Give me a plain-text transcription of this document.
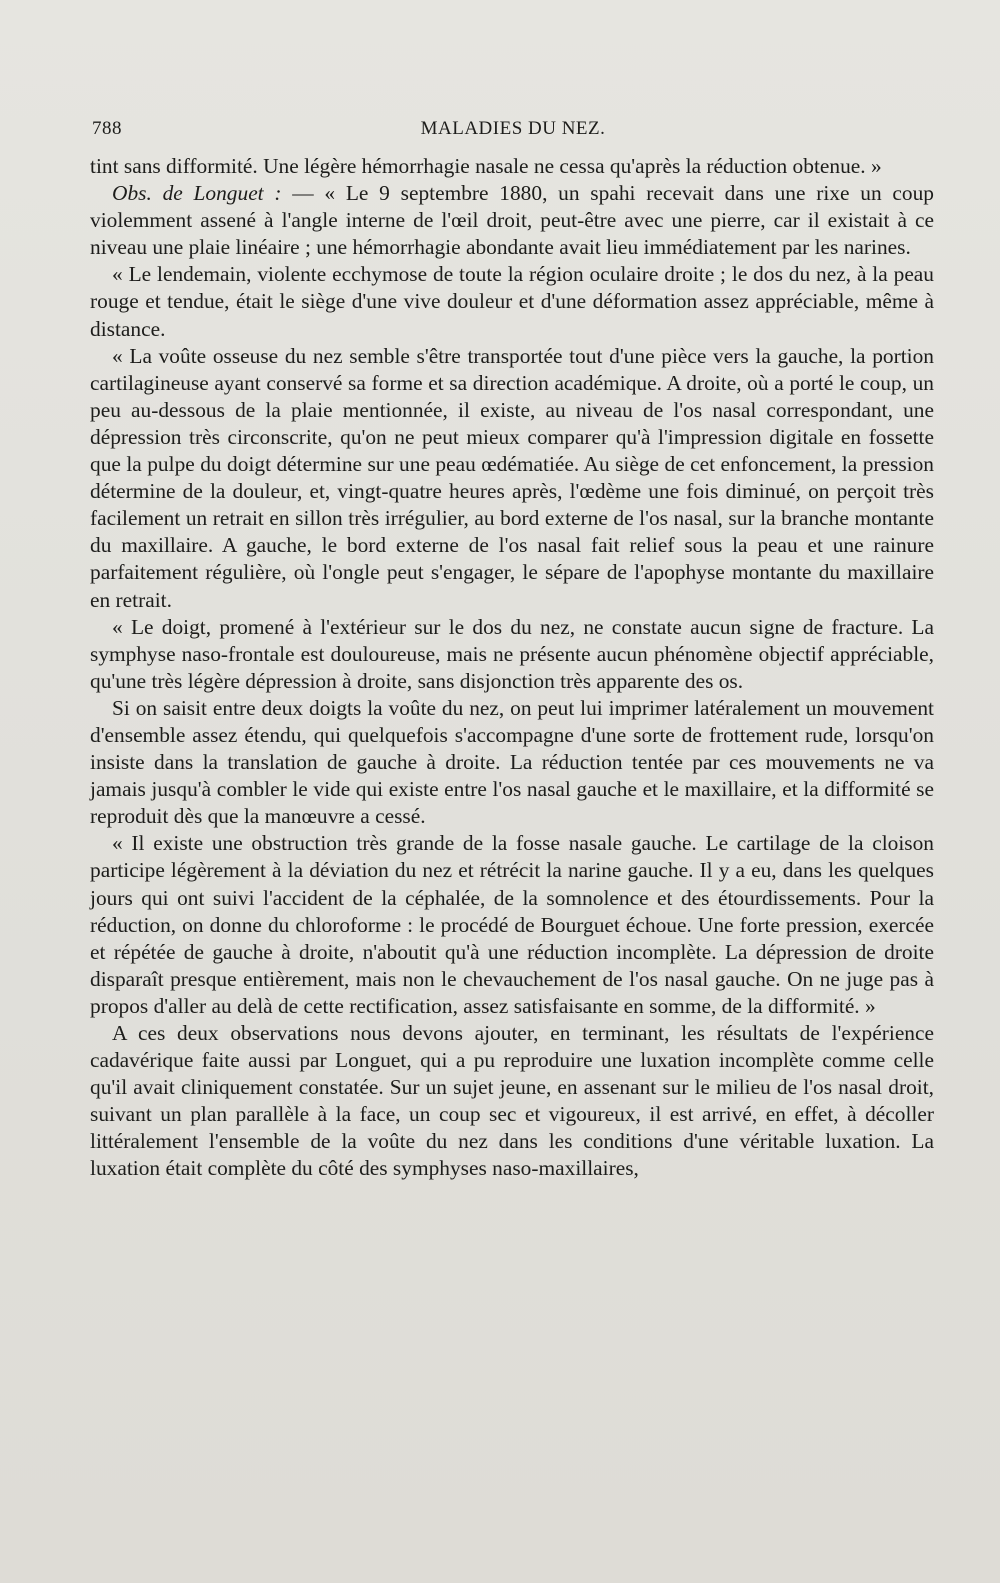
788	MALADIES DU NEZ.

tint sans difformité. Une légère hémorrhagie nasale ne cessa qu'après la réduction obtenue. »

Obs. de Longuet : — « Le 9 septembre 1880, un spahi recevait dans une rixe un coup violemment assené à l'angle interne de l'œil droit, peut-être avec une pierre, car il existait à ce niveau une plaie linéaire ; une hémorrhagie abondante avait lieu immédiatement par les narines.

« Le lendemain, violente ecchymose de toute la région oculaire droite ; le dos du nez, à la peau rouge et tendue, était le siège d'une vive douleur et d'une déformation assez appréciable, même à distance.

« La voûte osseuse du nez semble s'être transportée tout d'une pièce vers la gauche, la portion cartilagineuse ayant conservé sa forme et sa direction académique. A droite, où a porté le coup, un peu au-dessous de la plaie mentionnée, il existe, au niveau de l'os nasal correspondant, une dépression très circonscrite, qu'on ne peut mieux comparer qu'à l'impression digitale en fossette que la pulpe du doigt détermine sur une peau œdématiée. Au siège de cet enfoncement, la pression détermine de la douleur, et, vingt-quatre heures après, l'œdème une fois diminué, on perçoit très facilement un retrait en sillon très irrégulier, au bord externe de l'os nasal, sur la branche montante du maxillaire. A gauche, le bord externe de l'os nasal fait relief sous la peau et une rainure parfaitement régulière, où l'ongle peut s'engager, le sépare de l'apophyse montante du maxillaire en retrait.

« Le doigt, promené à l'extérieur sur le dos du nez, ne constate aucun signe de fracture. La symphyse naso-frontale est douloureuse, mais ne présente aucun phénomène objectif appréciable, qu'une très légère dépression à droite, sans disjonction très apparente des os.

Si on saisit entre deux doigts la voûte du nez, on peut lui imprimer latéralement un mouvement d'ensemble assez étendu, qui quelquefois s'accompagne d'une sorte de frottement rude, lorsqu'on insiste dans la translation de gauche à droite. La réduction tentée par ces mouvements ne va jamais jusqu'à combler le vide qui existe entre l'os nasal gauche et le maxillaire, et la difformité se reproduit dès que la manœuvre a cessé.

« Il existe une obstruction très grande de la fosse nasale gauche. Le cartilage de la cloison participe légèrement à la déviation du nez et rétrécit la narine gauche. Il y a eu, dans les quelques jours qui ont suivi l'accident de la céphalée, de la somnolence et des étourdissements. Pour la réduction, on donne du chloroforme : le procédé de Bourguet échoue. Une forte pression, exercée et répétée de gauche à droite, n'aboutit qu'à une réduction incomplète. La dépression de droite disparaît presque entièrement, mais non le chevauchement de l'os nasal gauche. On ne juge pas à propos d'aller au delà de cette rectification, assez satisfaisante en somme, de la difformité. »

A ces deux observations nous devons ajouter, en terminant, les résultats de l'expérience cadavérique faite aussi par Longuet, qui a pu reproduire une luxation incomplète comme celle qu'il avait cliniquement constatée. Sur un sujet jeune, en assenant sur le milieu de l'os nasal droit, suivant un plan parallèle à la face, un coup sec et vigoureux, il est arrivé, en effet, à décoller littéralement l'ensemble de la voûte du nez dans les conditions d'une véritable luxation. La luxation était complète du côté des symphyses naso-maxillaires,
